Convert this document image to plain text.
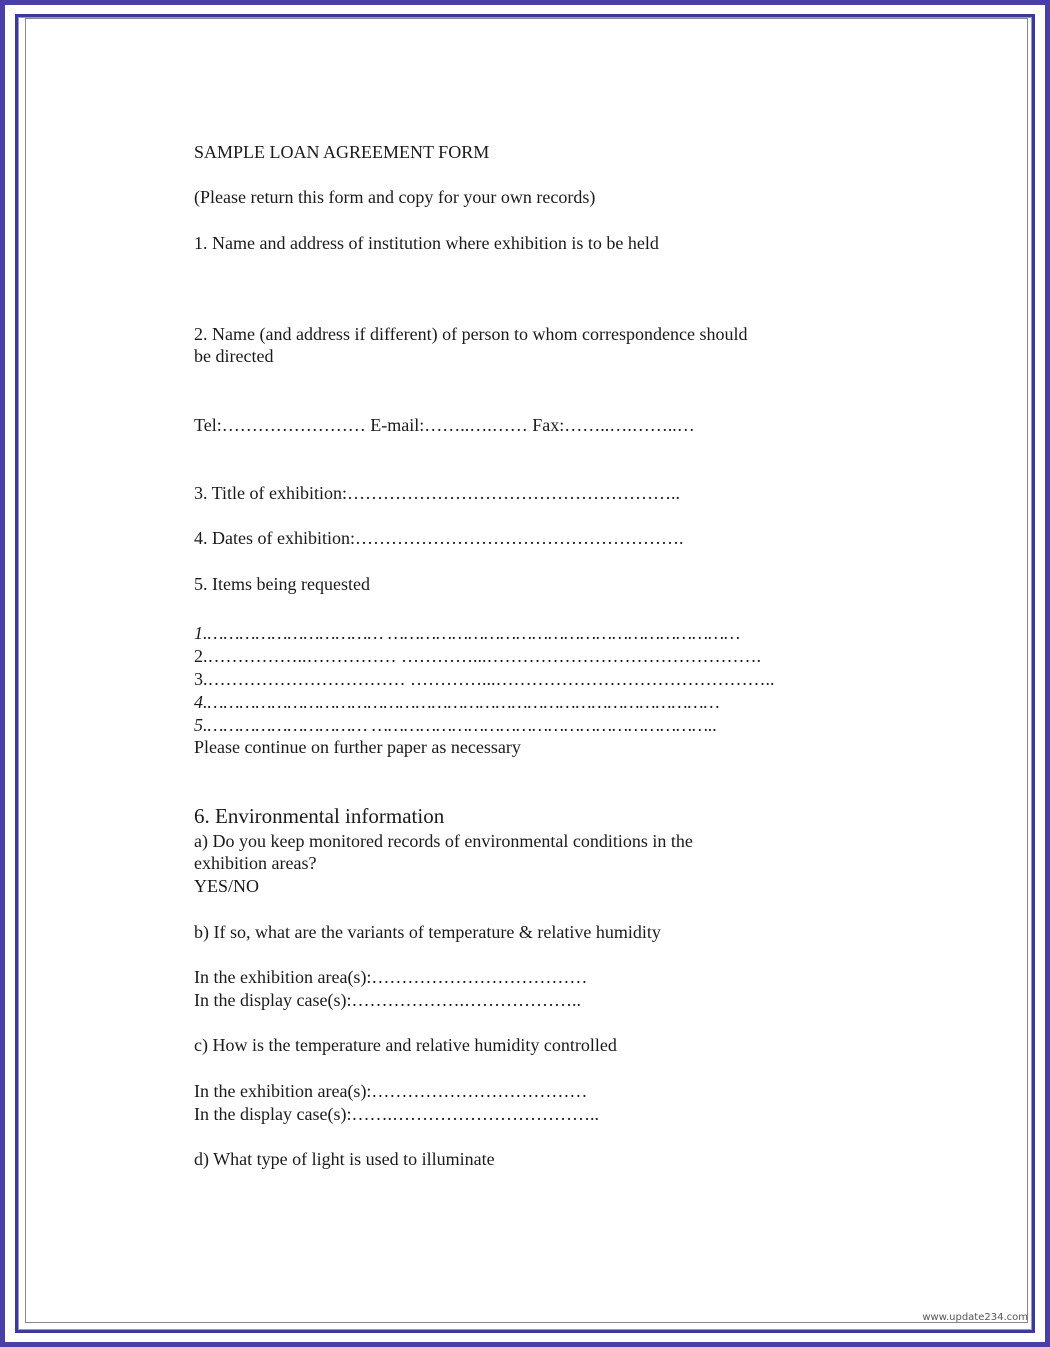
SAMPLE LOAN AGREEMENT FORM
(Please return this form and copy for your own records)
1. Name and address of institution where exhibition is to be held
2. Name (and address if different) of person to whom correspondence should
be directed
Tel:…………………… E-mail:……..….…… Fax:……..….……..…
3. Title of exhibition:………………………………………………..
4. Dates of exhibition:……………………………………………….
5. Items being requested
1.…………………………… …………………………………………………………
2.……………..…………… …………...……………………………………….
3.…………………………… …………...………………………………………..
4.……………………………………………………………………………………
5.………………………… ………………………………………………………..
Please continue on further paper as necessary
6. Environmental information
a) Do you keep monitored records of environmental conditions in the
exhibition areas?
YES/NO
b) If so, what are the variants of temperature & relative humidity
In the exhibition area(s):………………………………
In the display case(s):……………….………………..
c) How is the temperature and relative humidity controlled
In the exhibition area(s):………………………………
In the display case(s):…….……………………………..
d) What type of light is used to illuminate
www.update234.com
